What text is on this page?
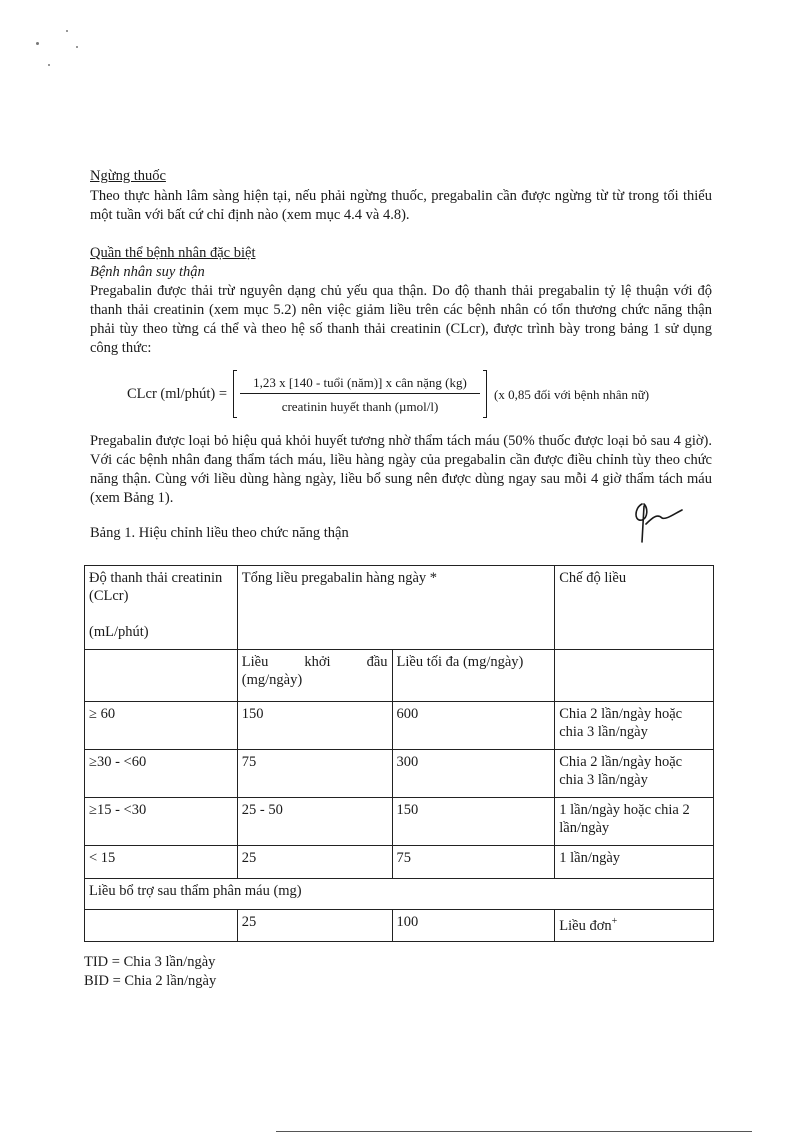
Ngừng thuốc
Theo thực hành lâm sàng hiện tại, nếu phải ngừng thuốc, pregabalin cần được ngừng từ từ trong tối thiểu một tuần với bất cứ chỉ định nào (xem mục 4.4 và 4.8).
Quần thể bệnh nhân đặc biệt
Bệnh nhân suy thận
Pregabalin được thải trừ nguyên dạng chủ yếu qua thận. Do độ thanh thải pregabalin tỷ lệ thuận với độ thanh thải creatinin (xem mục 5.2) nên việc giảm liều trên các bệnh nhân có tổn thương chức năng thận phải tùy theo từng cá thể và theo hệ số thanh thải creatinin (CLcr), được trình bày trong bảng 1 sử dụng công thức:
CLcr (ml/phút) =
1,23 x [140 - tuổi (năm)] x cân nặng (kg)
creatinin huyết thanh (µmol/l)
(x 0,85 đối với bệnh nhân nữ)
Pregabalin được loại bỏ hiệu quả khỏi huyết tương nhờ thẩm tách máu (50% thuốc được loại bỏ sau 4 giờ). Với các bệnh nhân đang thẩm tách máu, liều hàng ngày của pregabalin cần được điều chỉnh tùy theo chức năng thận. Cùng với liều dùng hàng ngày, liều bổ sung nên được dùng ngay sau mỗi 4 giờ thẩm tách máu (xem Bảng 1).
Bảng 1. Hiệu chỉnh liều theo chức năng thận
Độ thanh thải creatinin
(CLcr)
(mL/phút)	Tổng liều pregabalin hàng ngày *		Chế độ liều

	Liều khởi đầu
(mg/ngày)	Liều tối đa (mg/ngày)	
≥ 60	150	600	Chia 2 lần/ngày hoặc chia 3 lần/ngày
≥30 - <60	75	300	Chia 2 lần/ngày hoặc chia 3 lần/ngày
≥15 - <30	25 - 50	150	1 lần/ngày hoặc chia 2 lần/ngày
< 15	25	75	1 lần/ngày
Liều bổ trợ sau thẩm phân máu (mg)			
	25	100	Liều đơn+
TID = Chia 3 lần/ngày
BID = Chia 2 lần/ngày
